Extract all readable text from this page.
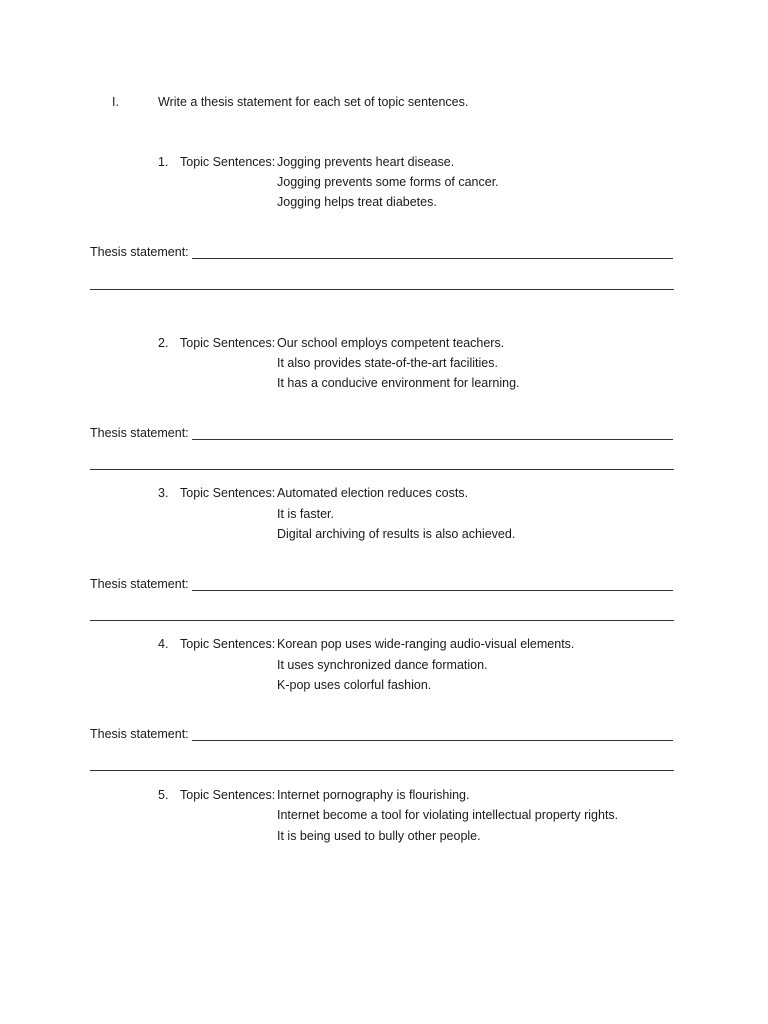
I.	Write a thesis statement for each set of topic sentences.
1. Topic Sentences: Jogging prevents heart disease.
Jogging prevents some forms of cancer.
Jogging helps treat diabetes.
Thesis statement:
2. Topic Sentences: Our school employs competent teachers.
It also provides state-of-the-art facilities.
It has a conducive environment for learning.
Thesis statement:
3. Topic Sentences: Automated election reduces costs.
It is faster.
Digital archiving of results is also achieved.
Thesis statement:
4. Topic Sentences: Korean pop uses wide-ranging audio-visual elements.
It uses synchronized dance formation.
K-pop uses colorful fashion.
Thesis statement:
5. Topic Sentences: Internet pornography is flourishing.
Internet become a tool for violating intellectual property rights.
It is being used to bully other people.
